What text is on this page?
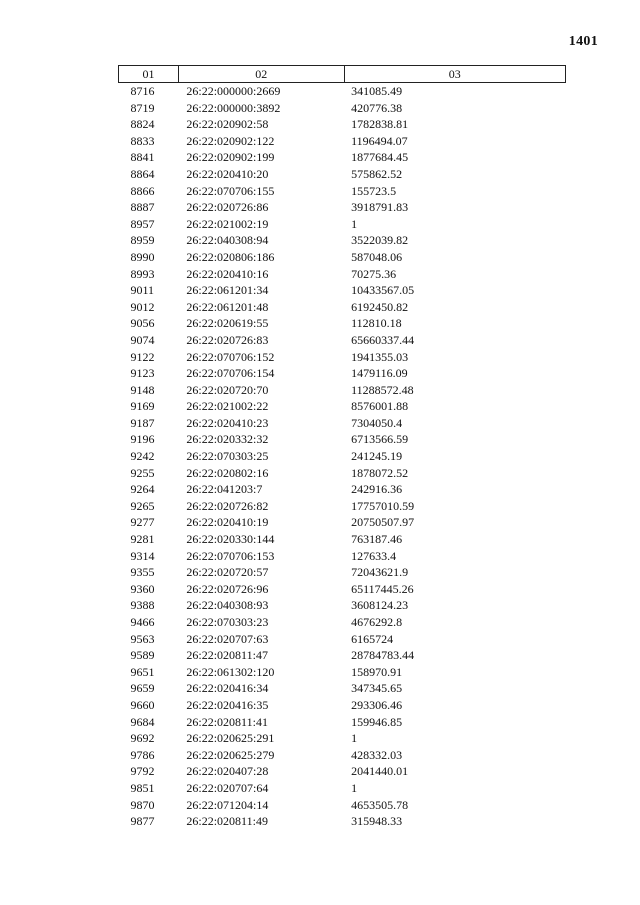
1401
01	02	03
8716	26:22:000000:2669	341085.49
8719	26:22:000000:3892	420776.38
8824	26:22:020902:58	1782838.81
8833	26:22:020902:122	1196494.07
8841	26:22:020902:199	1877684.45
8864	26:22:020410:20	575862.52
8866	26:22:070706:155	155723.5
8887	26:22:020726:86	3918791.83
8957	26:22:021002:19	1
8959	26:22:040308:94	3522039.82
8990	26:22:020806:186	587048.06
8993	26:22:020410:16	70275.36
9011	26:22:061201:34	10433567.05
9012	26:22:061201:48	6192450.82
9056	26:22:020619:55	112810.18
9074	26:22:020726:83	65660337.44
9122	26:22:070706:152	1941355.03
9123	26:22:070706:154	1479116.09
9148	26:22:020720:70	11288572.48
9169	26:22:021002:22	8576001.88
9187	26:22:020410:23	7304050.4
9196	26:22:020332:32	6713566.59
9242	26:22:070303:25	241245.19
9255	26:22:020802:16	1878072.52
9264	26:22:041203:7	242916.36
9265	26:22:020726:82	17757010.59
9277	26:22:020410:19	20750507.97
9281	26:22:020330:144	763187.46
9314	26:22:070706:153	127633.4
9355	26:22:020720:57	72043621.9
9360	26:22:020726:96	65117445.26
9388	26:22:040308:93	3608124.23
9466	26:22:070303:23	4676292.8
9563	26:22:020707:63	6165724
9589	26:22:020811:47	28784783.44
9651	26:22:061302:120	158970.91
9659	26:22:020416:34	347345.65
9660	26:22:020416:35	293306.46
9684	26:22:020811:41	159946.85
9692	26:22:020625:291	1
9786	26:22:020625:279	428332.03
9792	26:22:020407:28	2041440.01
9851	26:22:020707:64	1
9870	26:22:071204:14	4653505.78
9877	26:22:020811:49	315948.33
